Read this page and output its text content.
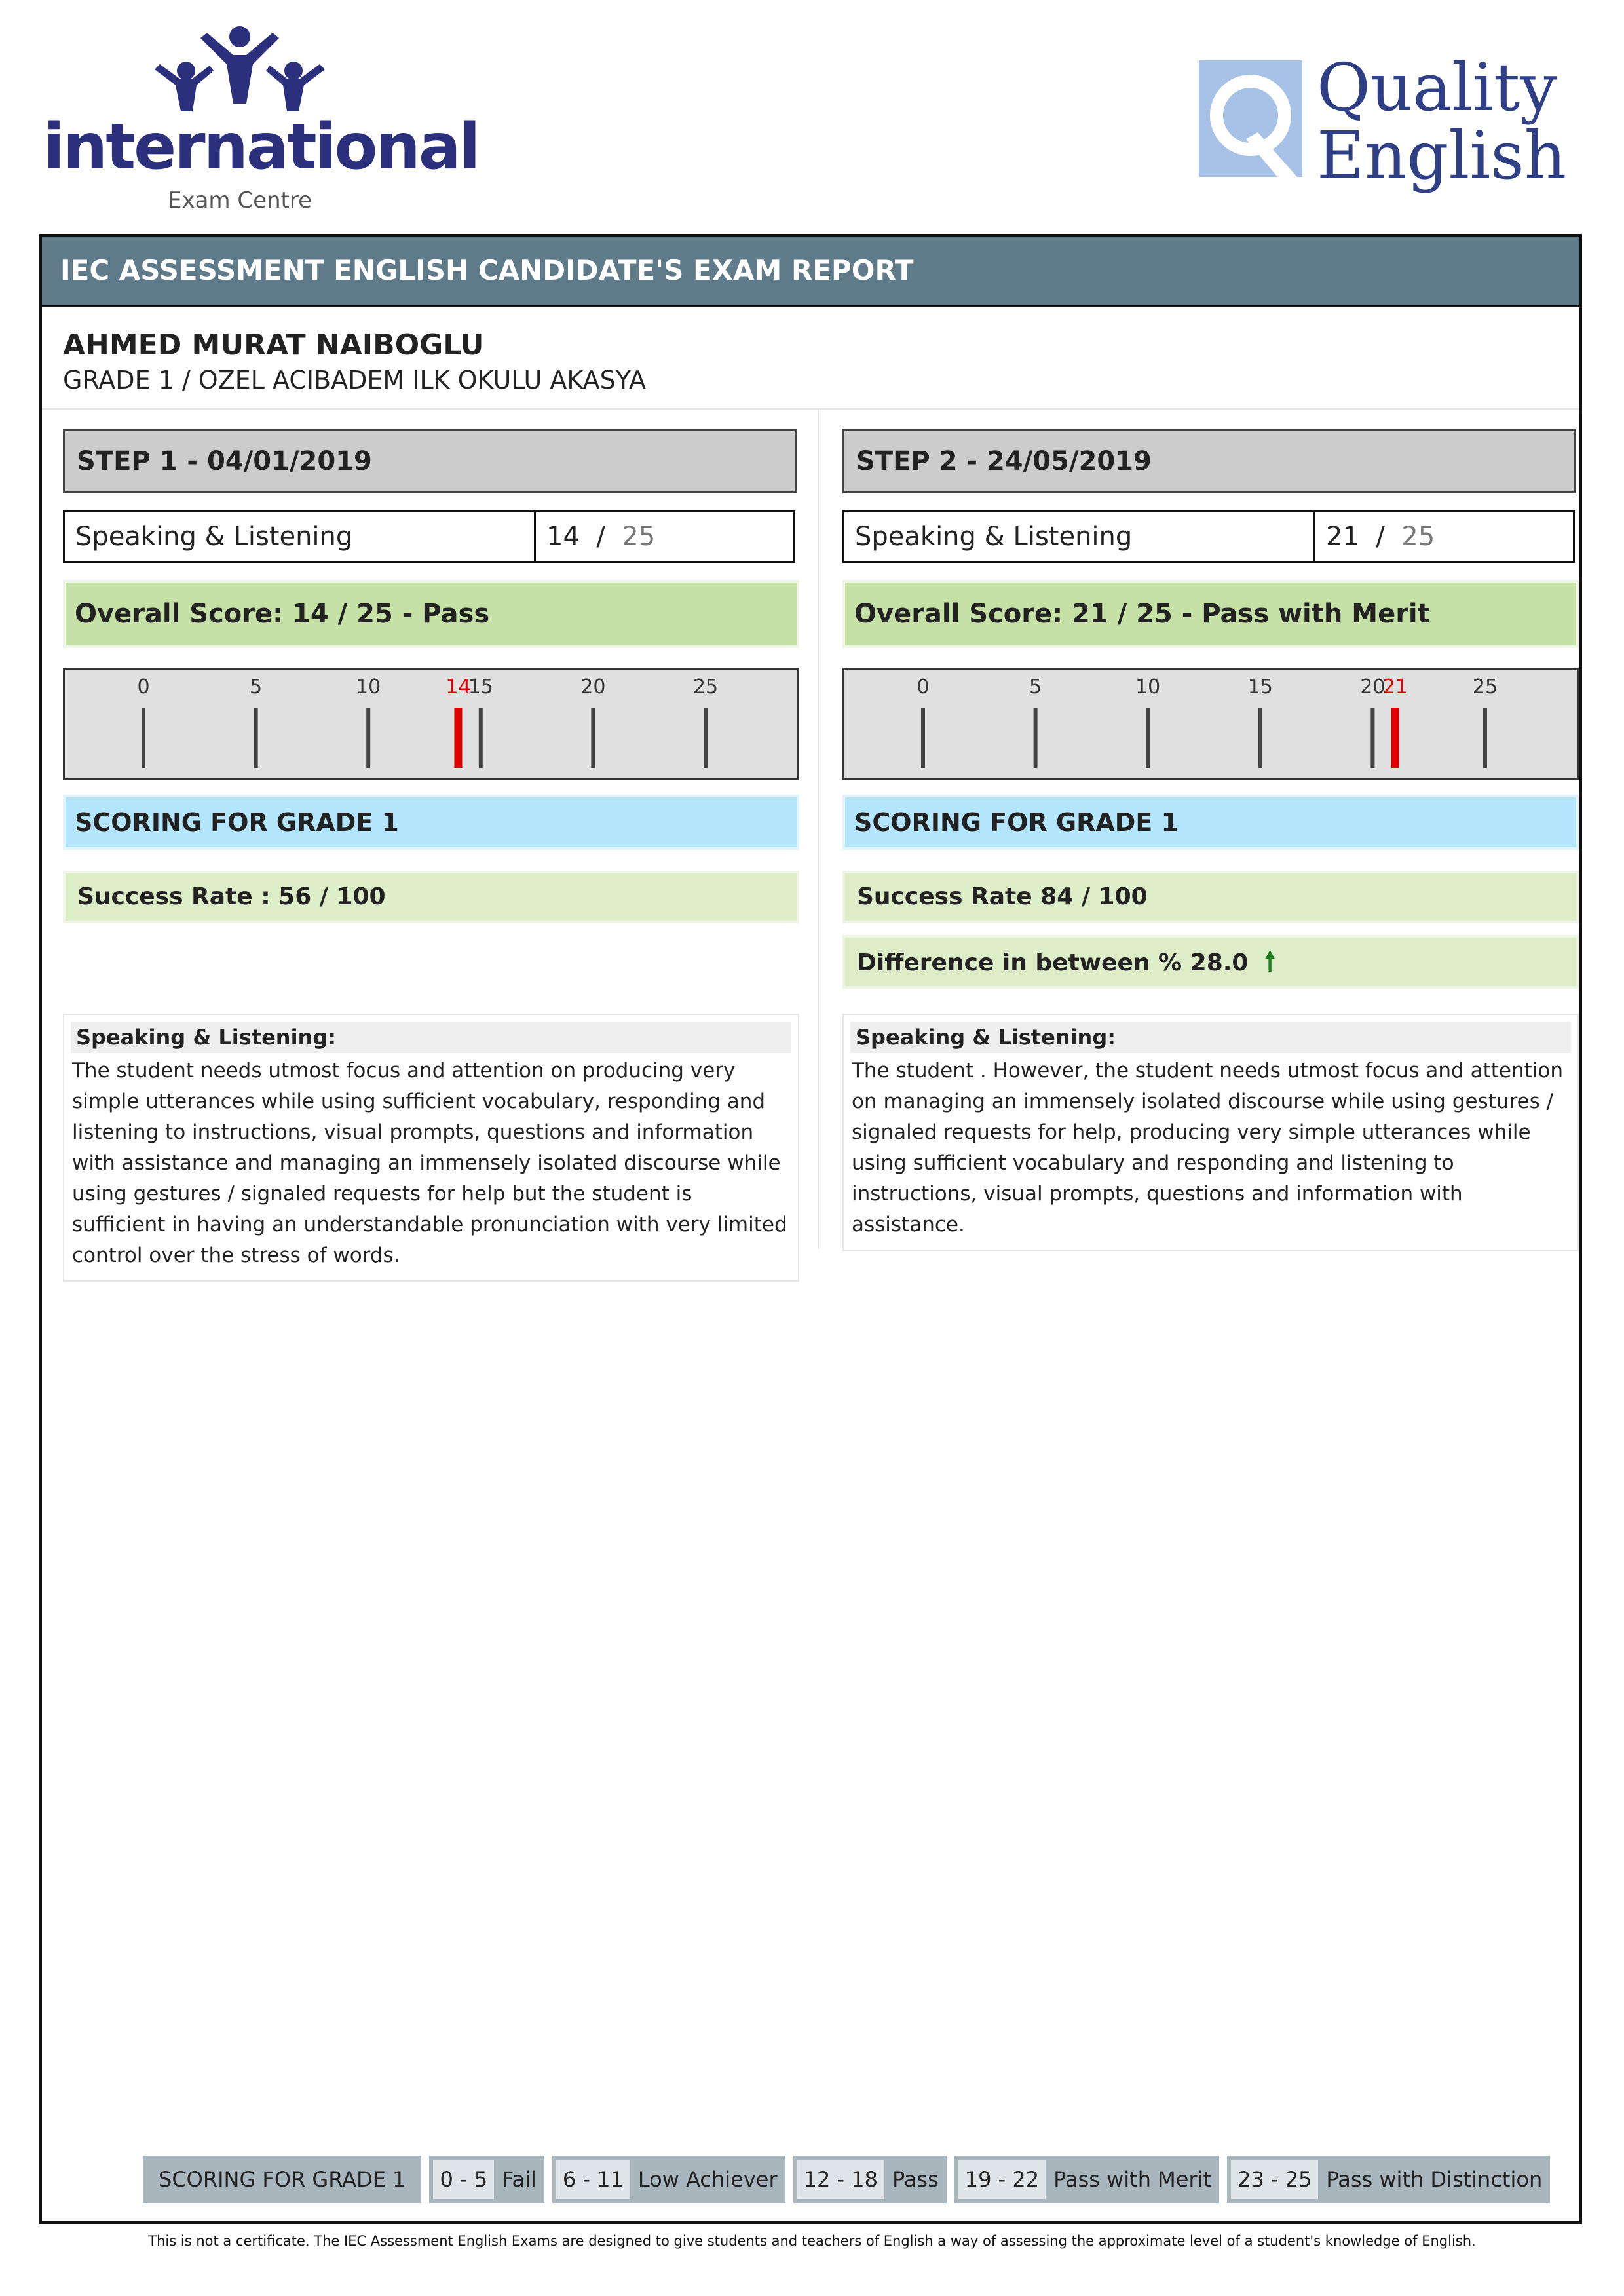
international
Exam Centre
Quality
English
IEC ASSESSMENT ENGLISH CANDIDATE'S EXAM REPORT
AHMED MURAT NAIBOGLU
GRADE 1 / OZEL ACIBADEM ILK OKULU AKASYA
STEP 1 - 04/01/2019
Speaking & Listening	14 / 25
Overall Score: 14 / 25 - Pass
0	5	10	14
15	20	25
SCORING FOR GRADE 1
Success Rate : 56 / 100
Speaking & Listening:
The student needs utmost focus and attention on producing very simple utterances while using sufficient vocabulary, responding and listening to instructions, visual prompts, questions and information with assistance and managing an immensely isolated discourse while using gestures / signaled requests for help but the student is sufficient in having an understandable pronunciation with very limited control over the stress of words.
STEP 2 - 24/05/2019
Speaking & Listening	21 / 25
Overall Score: 21 / 25 - Pass with Merit
0	5	10	15	20
21	25
SCORING FOR GRADE 1
Success Rate 84 / 100
Difference in between % 28.0 🠕
Speaking & Listening:
The student . However, the student needs utmost focus and attention on managing an immensely isolated discourse while using gestures / signaled requests for help, producing very simple utterances while using sufficient vocabulary and responding and listening to instructions, visual prompts, questions and information with assistance.
SCORING FOR GRADE 1	0 - 5 Fail	6 - 11 Low Achiever	12 - 18 Pass	19 - 22 Pass with Merit	23 - 25 Pass with Distinction
This is not a certificate. The IEC Assessment English Exams are designed to give students and teachers of English a way of assessing the approximate level of a student's knowledge of English.
